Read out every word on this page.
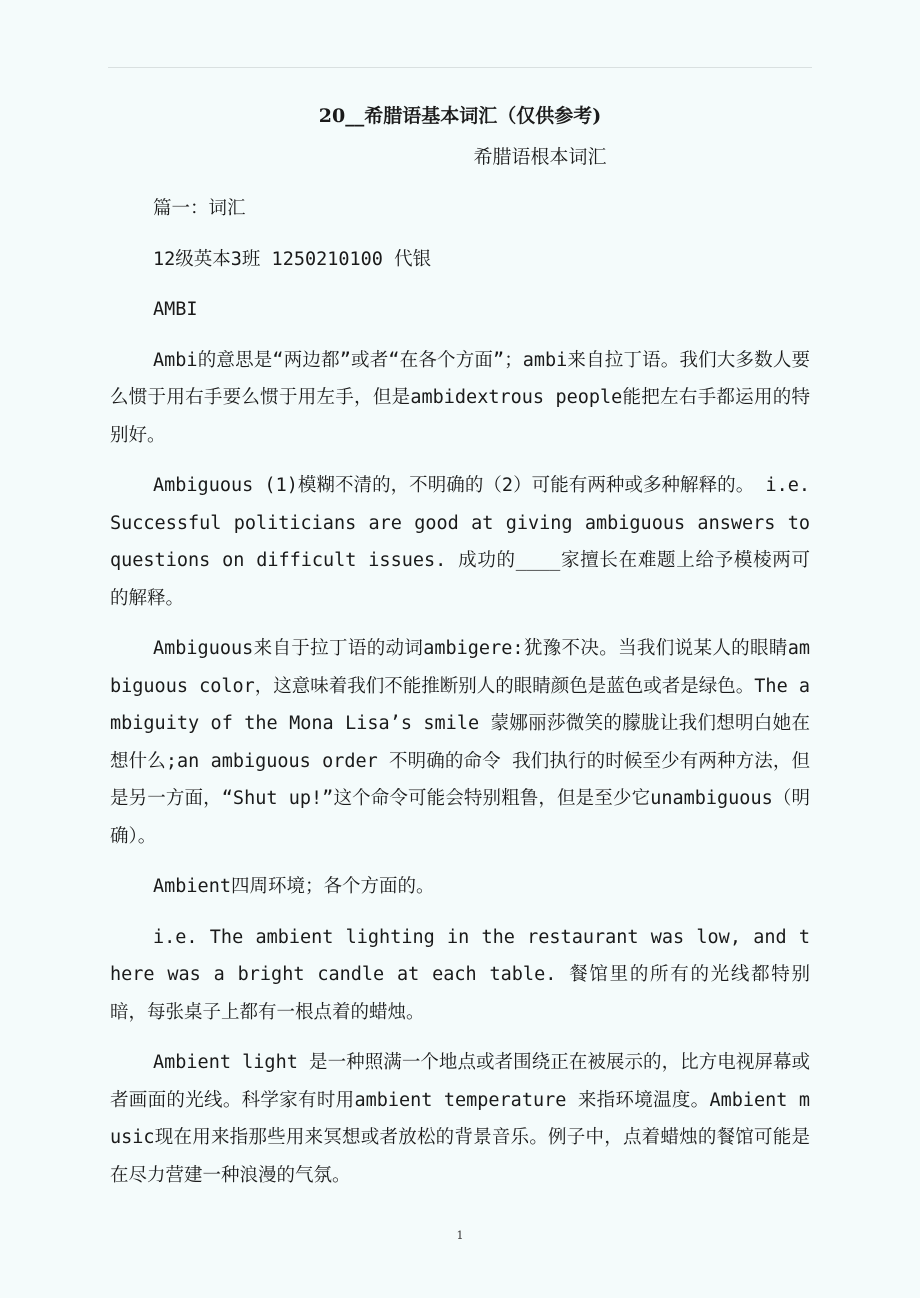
20__希腊语基本词汇（仅供参考)
希腊语根本词汇

篇一：词汇

12级英本3班 1250210100 代银

AMBI

Ambi的意思是“两边都”或者“在各个方面”；ambi来自拉丁语。我们大多数人要么惯于用右手要么惯于用左手，但是ambidextrous people能把左右手都运用的特别好。

Ambiguous (1)模糊不清的，不明确的（2）可能有两种或多种解释的。 i.e. Successful politicians are good at giving ambiguous answers to questions on difficult issues. 成功的____家擅长在难题上给予模棱两可的解释。

Ambiguous来自于拉丁语的动词ambigere:犹豫不决。当我们说某人的眼睛ambiguous color，这意味着我们不能推断别人的眼睛颜色是蓝色或者是绿色。The ambiguity of the Mona Lisa’s smile 蒙娜丽莎微笑的朦胧让我们想明白她在想什么;an ambiguous order 不明确的命令 我们执行的时候至少有两种方法，但是另一方面，“Shut up!”这个命令可能会特别粗鲁，但是至少它unambiguous（明确）。

Ambient四周环境；各个方面的。

i.e. The ambient lighting in the restaurant was low, and there was a bright candle at each table. 餐馆里的所有的光线都特别暗，每张桌子上都有一根点着的蜡烛。

Ambient light 是一种照满一个地点或者围绕正在被展示的，比方电视屏幕或者画面的光线。科学家有时用ambient temperature 来指环境温度。Ambient music现在用来指那些用来冥想或者放松的背景音乐。例子中，点着蜡烛的餐馆可能是在尽力营建一种浪漫的气氛。

1
